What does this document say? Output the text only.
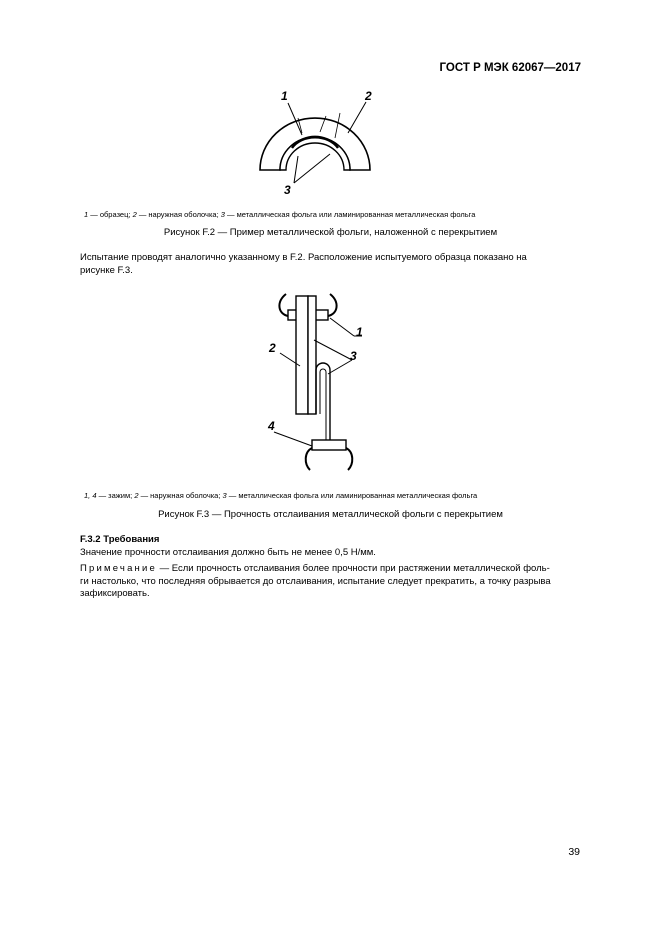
ГОСТ Р МЭК 62067—2017
1	2
3
1 — образец; 2 — наружная оболочка; 3 — металлическая фольга или ламинированная металлическая фольга
Рисунок F.2 — Пример металлической фольги, наложенной с перекрытием
Испытание проводят аналогично указанному в F.2. Расположение испытуемого образца показано на
рисунке F.3.
1
2
3
4
1, 4 — зажим; 2 — наружная оболочка; 3 — металлическая фольга или ламинированная металлическая фольга
Рисунок F.3 — Прочность отслаивания металлической фольги с перекрытием
F.3.2 Требования
Значение прочности отслаивания должно быть не менее 0,5 Н/мм.
Примечание — Если прочность отслаивания более прочности при растяжении металлической фоль-
ги настолько, что последняя обрывается до отслаивания, испытание следует прекратить, а точку разрыва
зафиксировать.
39
